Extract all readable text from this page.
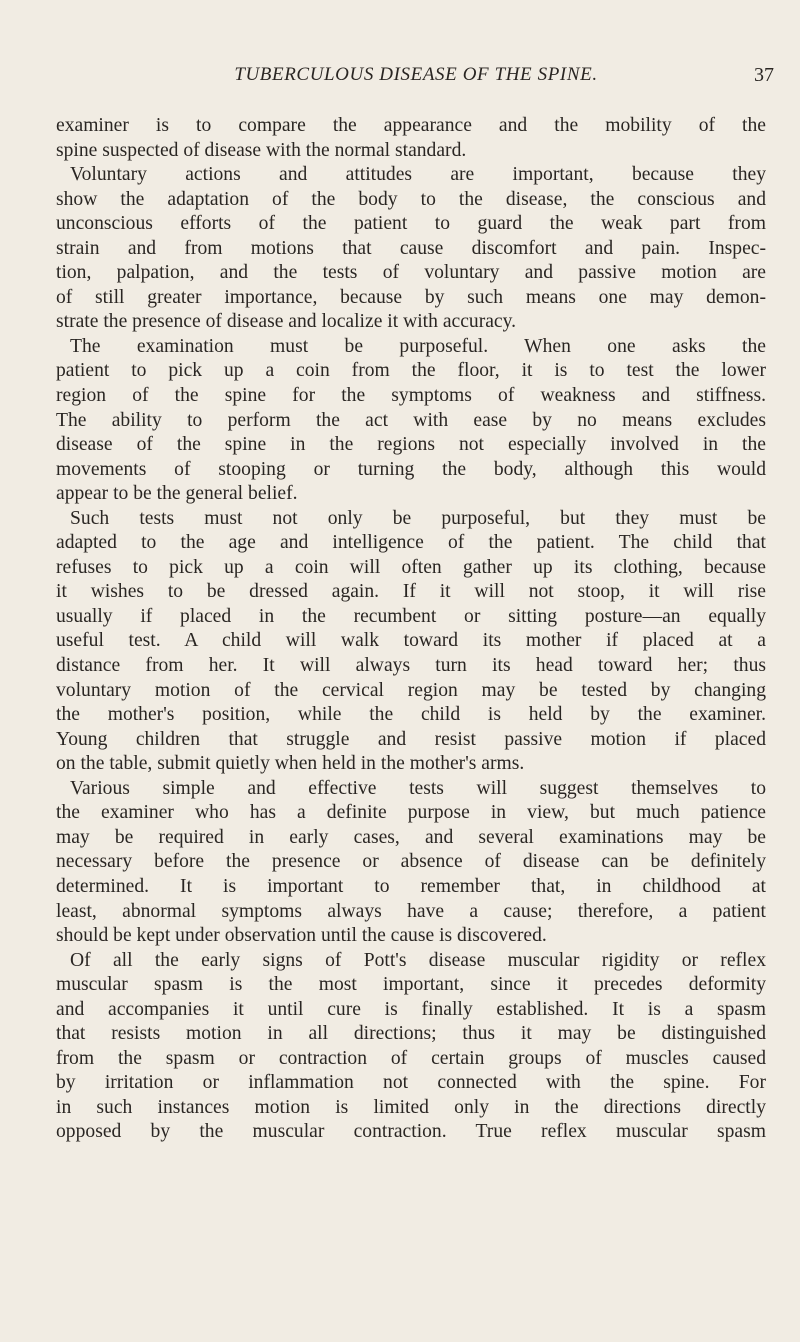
TUBERCULOUS DISEASE OF THE SPINE.	37
examiner is to compare the appearance and the mobility of the
spine suspected of disease with the normal standard.
Voluntary actions and attitudes are important, because they
show the adaptation of the body to the disease, the conscious and
unconscious efforts of the patient to guard the weak part from
strain and from motions that cause discomfort and pain. Inspec-
tion, palpation, and the tests of voluntary and passive motion are
of still greater importance, because by such means one may demon-
strate the presence of disease and localize it with accuracy.
The examination must be purposeful. When one asks the
patient to pick up a coin from the floor, it is to test the lower
region of the spine for the symptoms of weakness and stiffness.
The ability to perform the act with ease by no means excludes
disease of the spine in the regions not especially involved in the
movements of stooping or turning the body, although this would
appear to be the general belief.
Such tests must not only be purposeful, but they must be
adapted to the age and intelligence of the patient. The child that
refuses to pick up a coin will often gather up its clothing, because
it wishes to be dressed again. If it will not stoop, it will rise
usually if placed in the recumbent or sitting posture—an equally
useful test. A child will walk toward its mother if placed at a
distance from her. It will always turn its head toward her; thus
voluntary motion of the cervical region may be tested by changing
the mother's position, while the child is held by the examiner.
Young children that struggle and resist passive motion if placed
on the table, submit quietly when held in the mother's arms.
Various simple and effective tests will suggest themselves to
the examiner who has a definite purpose in view, but much patience
may be required in early cases, and several examinations may be
necessary before the presence or absence of disease can be definitely
determined. It is important to remember that, in childhood at
least, abnormal symptoms always have a cause; therefore, a patient
should be kept under observation until the cause is discovered.
Of all the early signs of Pott's disease muscular rigidity or reflex
muscular spasm is the most important, since it precedes deformity
and accompanies it until cure is finally established. It is a spasm
that resists motion in all directions; thus it may be distinguished
from the spasm or contraction of certain groups of muscles caused
by irritation or inflammation not connected with the spine. For
in such instances motion is limited only in the directions directly
opposed by the muscular contraction. True reflex muscular spasm
